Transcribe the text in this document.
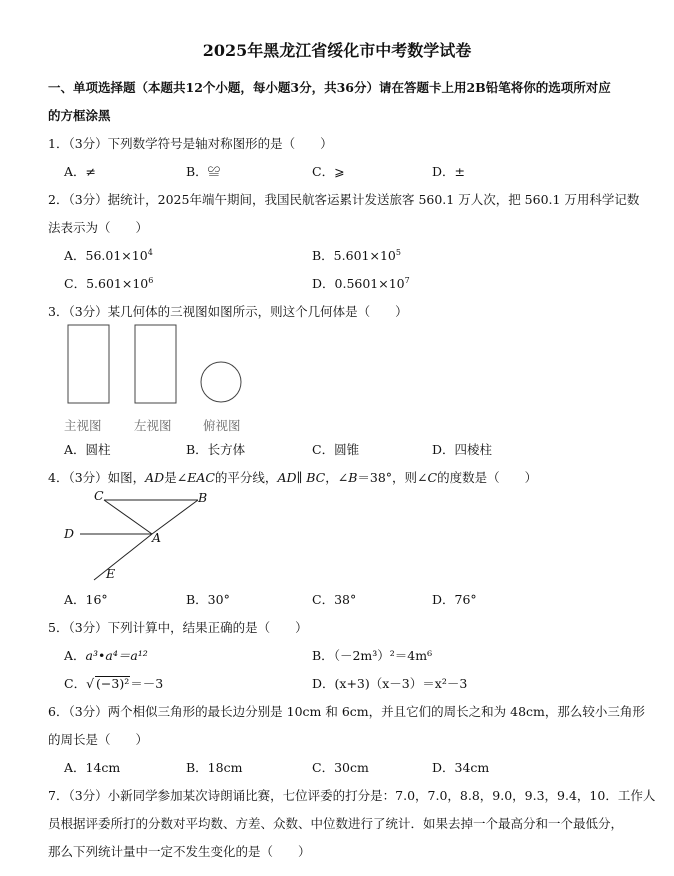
2025年黑龙江省绥化市中考数学试卷
一、单项选择题（本题共12个小题，每小题3分，共36分）请在答题卡上用2B铅笔将你的选项所对应
的方框涂黑
1．（3分）下列数学符号是轴对称图形的是（　　）
A．≠	B．≌	C．⩾	D．±
2．（3分）据统计，2025年端午期间，我国民航客运累计发送旅客 560.1 万人次，把 560.1 万用科学记数
法表示为（　　）
A．$56.01\times 10^4$	B．$5.601\times 10^5$
C．$5.601\times 10^6$	D．$0.5601\times 10^7$
3．（3分）某几何体的三视图如图所示，则这个几何体是（　　）
主视图	左视图	俯视图
A．圆柱	B．长方体	C．圆锥	D．四棱柱
4．（3分）如图，AD是∠EAC的平分线，AD∥ BC，∠B＝38°，则∠C的度数是（　　）
C	B
D	A
E
A．16°	B．30°	C．38°	D．76°
5．（3分）下列计算中，结果正确的是（　　）
A．a³•a⁴＝a¹²	B．（－2m³）²＝4m⁶
C．√ (−3)²＝－3	D．(x+3)（x－3）＝x²－3
6．（3分）两个相似三角形的最长边分别是 10cm 和 6cm，并且它们的周长之和为 48cm，那么较小三角形
的周长是（　　）
A．14cm	B．18cm	C．30cm	D．34cm
7．（3分）小新同学参加某次诗朗诵比赛，七位评委的打分是：7.0，7.0，8.8，9.0，9.3，9.4，10．工作人
员根据评委所打的分数对平均数、方差、众数、中位数进行了统计．如果去掉一个最高分和一个最低分，
那么下列统计量中一定不发生变化的是（　　）
